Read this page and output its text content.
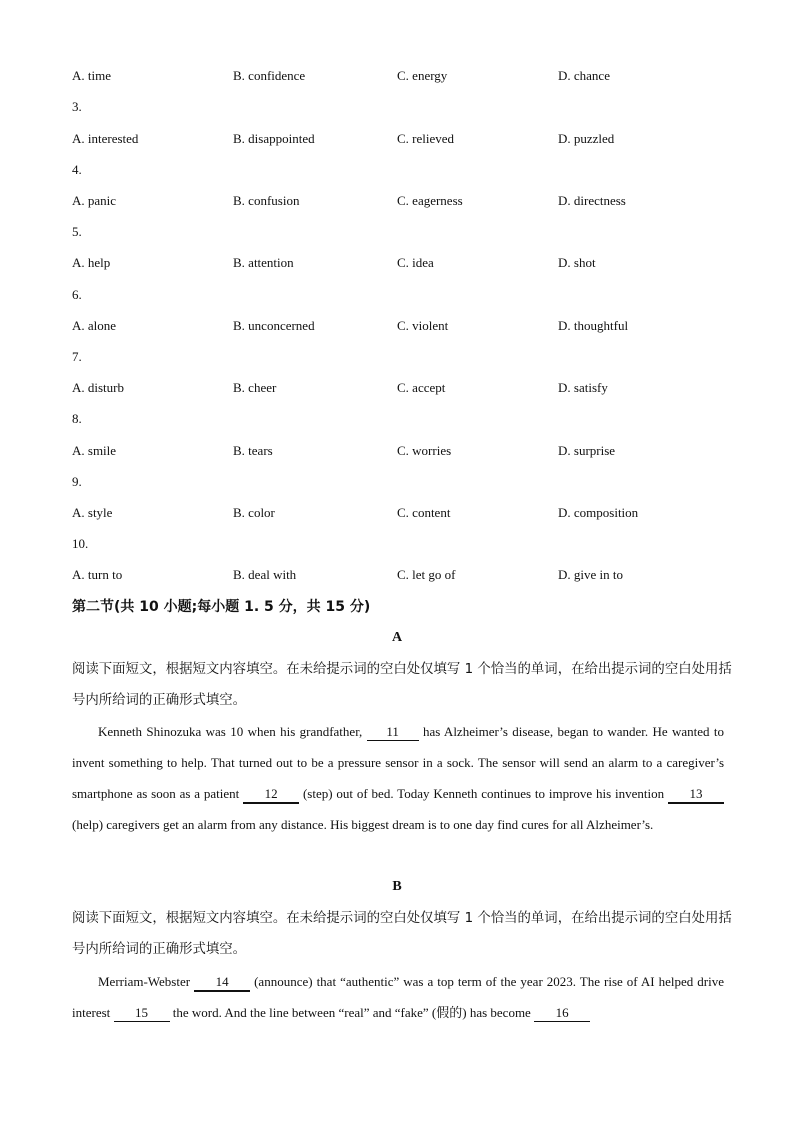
A. time	B. confidence	C. energy	D. chance
3.
A. interested	B. disappointed	C. relieved	D. puzzled
4.
A. panic	B. confusion	C. eagerness	D. directness
5.
A. help	B. attention	C. idea	D. shot
6.
A. alone	B. unconcerned	C. violent	D. thoughtful
7.
A. disturb	B. cheer	C. accept	D. satisfy
8.
A. smile	B. tears	C. worries	D. surprise
9.
A. style	B. color	C. content	D. composition
10.
A. turn to	B. deal with	C. let go of	D. give in to
第二节(共 10 小题;每小题 1. 5 分，共 15 分)
A
阅读下面短文，根据短文内容填空。在未给提示词的空白处仅填写 1 个恰当的单词，在给出提示词的空白处用括号内所给词的正确形式填空。
Kenneth Shinozuka was 10 when his grandfather, 11 has Alzheimer’s disease, began to wander. He wanted to invent something to help. That turned out to be a pressure sensor in a sock. The sensor will send an alarm to a caregiver’s smartphone as soon as a patient 12 (step) out of bed. Today Kenneth continues to improve his invention 13 (help) caregivers get an alarm from any distance. His biggest dream is to one day find cures for all Alzheimer’s.
B
阅读下面短文，根据短文内容填空。在未给提示词的空白处仅填写 1 个恰当的单词，在给出提示词的空白处用括号内所给词的正确形式填空。
Merriam-Webster 14 (announce) that “authentic” was a top term of the year 2023. The rise of AI helped drive interest 15 the word. And the line between “real” and “fake” (假的) has become 16
